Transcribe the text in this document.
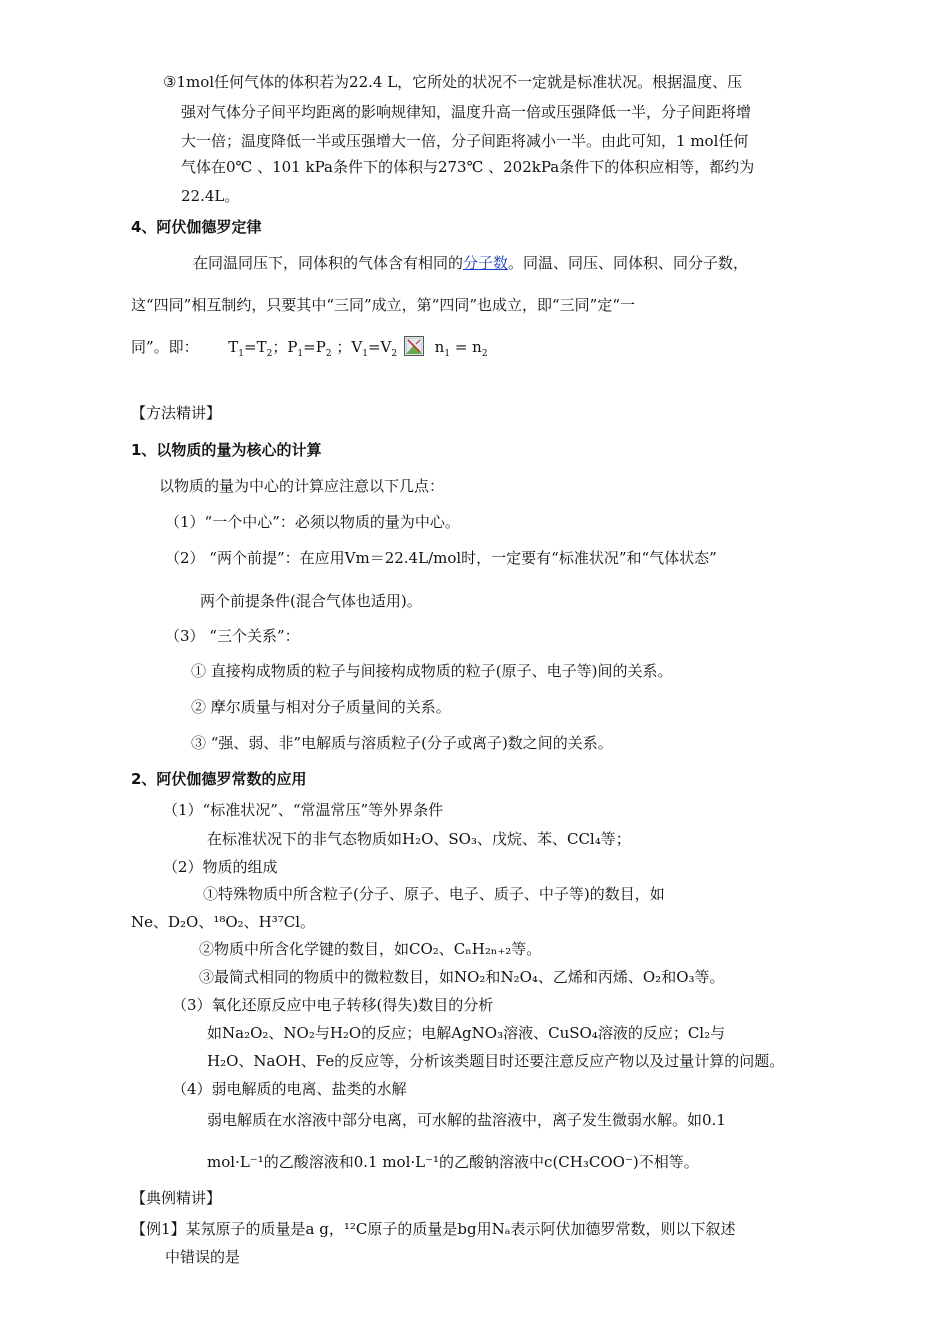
③1mol任何气体的体积若为22.4 L，它所处的状况不一定就是标准状况。根据温度、压
强对气体分子间平均距离的影响规律知，温度升高一倍或压强降低一半，分子间距将增
大一倍；温度降低一半或压强增大一倍，分子间距将减小一半。由此可知，1 mol任何
气体在0℃ 、101 kPa条件下的体积与273℃ 、202kPa条件下的体积应相等，都约为
22.4L。
4、阿伏伽德罗定律
在同温同压下，同体积的气体含有相同的分子数。同温、同压、同体积、同分子数，
这“四同”相互制约，只要其中“三同”成立，第“四同”也成立，即“三同”定“一
同”。即： $T_1=T_2$；$P_1=P_2$ ；$V_1=V_2$	$n_1 = n_2$
【方法精讲】
1、以物质的量为核心的计算
以物质的量为中心的计算应注意以下几点：
（1）“一个中心”：必须以物质的量为中心。
（2） “两个前提”：在应用Vm＝22.4L/mol时，一定要有“标准状况”和“气体状态”
两个前提条件(混合气体也适用)。
（3） “三个关系”：
① 直接构成物质的粒子与间接构成物质的粒子(原子、电子等)间的关系。
② 摩尔质量与相对分子质量间的关系。
③ “强、弱、非”电解质与溶质粒子(分子或离子)数之间的关系。
2、阿伏伽德罗常数的应用
（1）“标准状况”、“常温常压”等外界条件
在标准状况下的非气态物质如H₂O、SO₃、戊烷、苯、CCl₄等；
（2）物质的组成
①特殊物质中所含粒子(分子、原子、电子、质子、中子等)的数目，如
Ne、D₂O、¹⁸O₂、H³⁷Cl。
②物质中所含化学键的数目，如CO₂、CₙH₂ₙ₊₂等。
③最简式相同的物质中的微粒数目，如NO₂和N₂O₄、乙烯和丙烯、O₂和O₃等。
（3）氧化还原反应中电子转移(得失)数目的分析
如Na₂O₂、NO₂与H₂O的反应；电解AgNO₃溶液、CuSO₄溶液的反应；Cl₂与
H₂O、NaOH、Fe的反应等，分析该类题目时还要注意反应产物以及过量计算的问题。
（4）弱电解质的电离、盐类的水解
弱电解质在水溶液中部分电离，可水解的盐溶液中，离子发生微弱水解。如0.1
mol·L⁻¹的乙酸溶液和0.1 mol·L⁻¹的乙酸钠溶液中c(CH₃COO⁻)不相等。
【典例精讲】
【例1】某氖原子的质量是a g，¹²C原子的质量是bg用Nₐ表示阿伏加德罗常数，则以下叙述
中错误的是
